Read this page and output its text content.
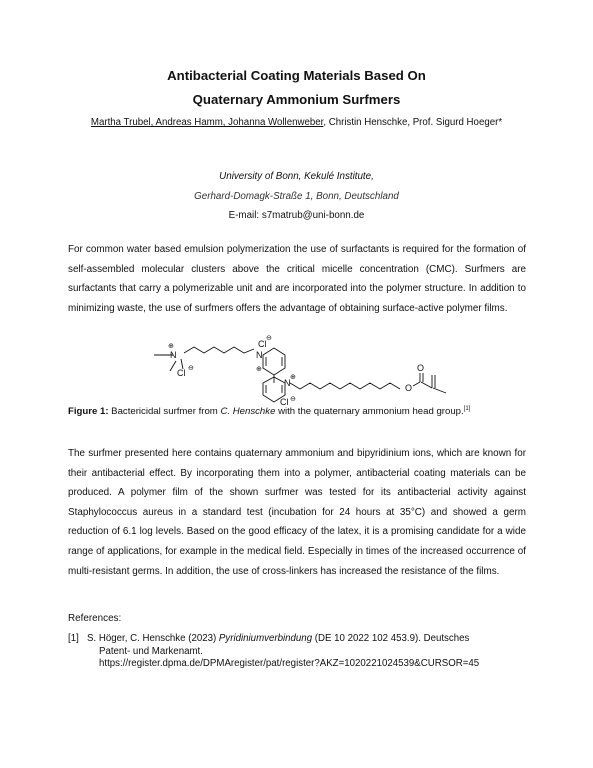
Antibacterial Coating Materials Based On
Quaternary Ammonium Surfmers
Martha Trubel, Andreas Hamm, Johanna Wollenweber, Christin Henschke, Prof. Sigurd Hoeger*
University of Bonn, Kekulé Institute,
Gerhard-Domagk-Straße 1, Bonn, Deutschland
E-mail: s7matrub@uni-bonn.de
For common water based emulsion polymerization the use of surfactants is required for the formation of self-assembled molecular clusters above the critical micelle concentration (CMC). Surfmers are surfactants that carry a polymerizable unit and are incorporated into the polymer structure. In addition to minimizing waste, the use of surfmers offers the advantage of obtaining surface-active polymer films.
N
⊕
Cl ⊖
N
⊕
Cl
⊖
N
⊕
Cl ⊖
O
O
Figure 1: Bactericidal surfmer from C. Henschke with the quaternary ammonium head group.[1]
The surfmer presented here contains quaternary ammonium and bipyridinium ions, which are known for their antibacterial effect. By incorporating them into a polymer, antibacterial coating materials can be produced. A polymer film of the shown surfmer was tested for its antibacterial activity against Staphylococcus aureus in a standard test (incubation for 24 hours at 35°C) and showed a germ reduction of 6.1 log levels. Based on the good efficacy of the latex, it is a promising candidate for a wide range of applications, for example in the medical field. Especially in times of the increased occurrence of multi-resistant germs. In addition, the use of cross-linkers has increased the resistance of the films.
References:
[1] S. Höger, C. Henschke (2023) Pyridiniumverbindung (DE 10 2022 102 453.9). Deutsches
Patent- und Markenamt.
https://register.dpma.de/DPMAregister/pat/register?AKZ=1020221024539&CURSOR=45
